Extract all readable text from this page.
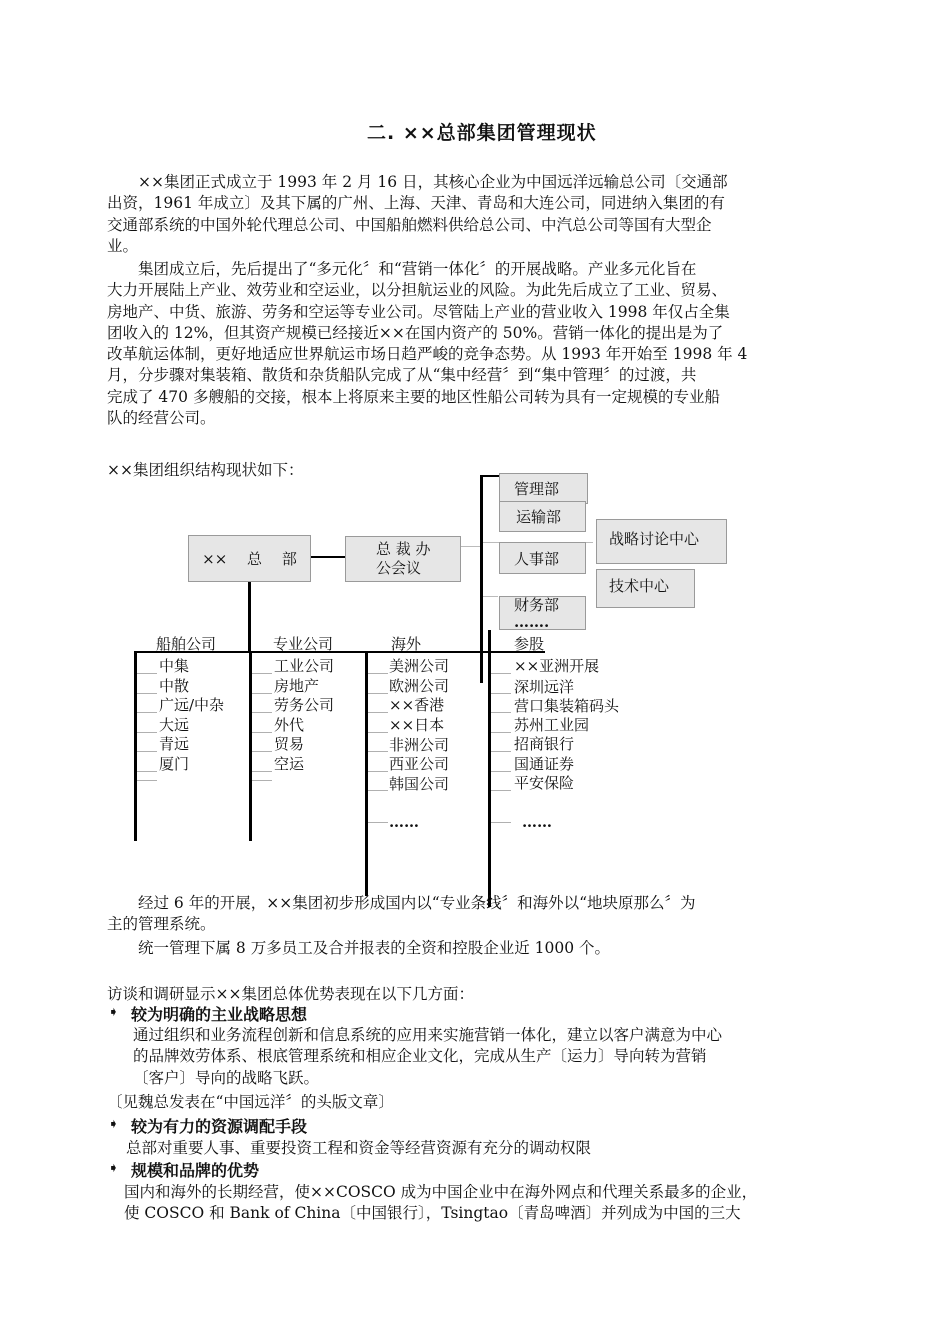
二. ××总部集团管理现状
　　××集团正式成立于 1993 年 2 月 16 日，其核心企业为中国远洋远输总公司〔交通部
出资，1961 年成立〕及其下属的广州、上海、天津、青岛和大连公司，同进纳入集团的有
交通部系统的中国外轮代理总公司、中国船舶燃料供给总公司、中汽总公司等国有大型企
业。
　　集团成立后，先后提出了“多元化〞和“营销一体化〞的开展战略。产业多元化旨在
大力开展陆上产业、效劳业和空运业，以分担航运业的风险。为此先后成立了工业、贸易、
房地产、中货、旅游、劳务和空运等专业公司。尽管陆上产业的营业收入 1998 年仅占全集
团收入的 12%，但其资产规模已经接近××在国内资产的 50%。营销一体化的提出是为了
改革航运体制，更好地适应世界航运市场日趋严峻的竞争态势。从 1993 年开始至 1998 年 4
月，分步骤对集装箱、散货和杂货船队完成了从“集中经营〞到“集中管理〞的过渡，共
完成了 470 多艘船的交接，根本上将原来主要的地区性船公司转为具有一定规模的专业船
队的经营公司。
××集团组织结构现状如下：
××　 总　 部
总 裁 办
公会议
管理部
运输部
人事部
财务部
…….
战略讨论中心
技术中心
船舶公司	专业公司	海外	参股
中集
中散
广远/中杂
大远
青远
厦门
工业公司
房地产
劳务公司
外代
贸易
空运
美洲公司
欧洲公司
××香港
××日本
非洲公司
西亚公司
韩国公司
……
××亚洲开展
深圳远洋
营口集装箱码头
苏州工业园
招商银行
国通证券
平安保险
……
　　经过 6 年的开展，××集团初步形成国内以“专业条线〞和海外以“地块原那么〞为
主的管理系统。
　　统一管理下属 8 万多员工及合并报表的全资和控股企业近 1000 个。
访谈和调研显示××集团总体优势表现在以下几方面：
➧ 较为明确的主业战略思想
通过组织和业务流程创新和信息系统的应用来实施营销一体化，建立以客户满意为中心
的品牌效劳体系、根底管理系统和相应企业文化，完成从生产〔运力〕导向转为营销
〔客户〕导向的战略飞跃。
〔见魏总发表在“中国远洋〞的头版文章〕
➧ 较为有力的资源调配手段
总部对重要人事、重要投资工程和资金等经营资源有充分的调动权限
➧ 规模和品牌的优势
国内和海外的长期经营，使××COSCO 成为中国企业中在海外网点和代理关系最多的企业，
使 COSCO 和 Bank of China〔中国银行〕，Tsingtao〔青岛啤酒〕并列成为中国的三大
